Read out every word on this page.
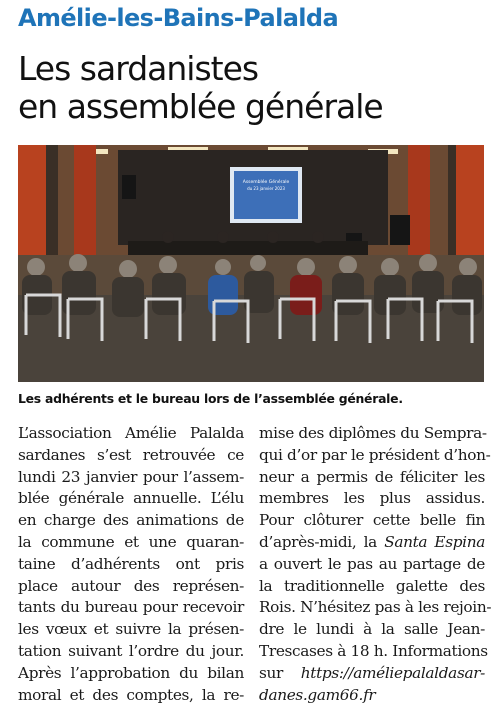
Amélie-les-Bains-Palalda
Les sardanistes
en assemblée générale
Assemblée Générale
du 23 janvier 2023
Les adhérents et le bureau lors de l’assemblée générale.
L’association Amélie Palalda
sardanes s’est retrouvée ce
lundi 23 janvier pour l’assem-
blée générale annuelle. L’élu
en charge des animations de
la commune et une quaran-
taine d’adhérents ont pris
place autour des représen-
tants du bureau pour recevoir
les vœux et suivre la présen-
tation suivant l’ordre du jour.
Après l’approbation du bilan
moral et des comptes, la re-
mise des diplômes du Sempra-
qui d’or par le président d’hon-
neur a permis de féliciter les
membres les plus assidus.
Pour clôturer cette belle fin
d’après-midi, la Santa Espina
a ouvert le pas au partage de
la traditionnelle galette des
Rois. N’hésitez pas à les rejoin-
dre le lundi à la salle Jean-
Trescases à 18 h. Informations
sur https://améliepalaldasar-
danes.gam66.fr
